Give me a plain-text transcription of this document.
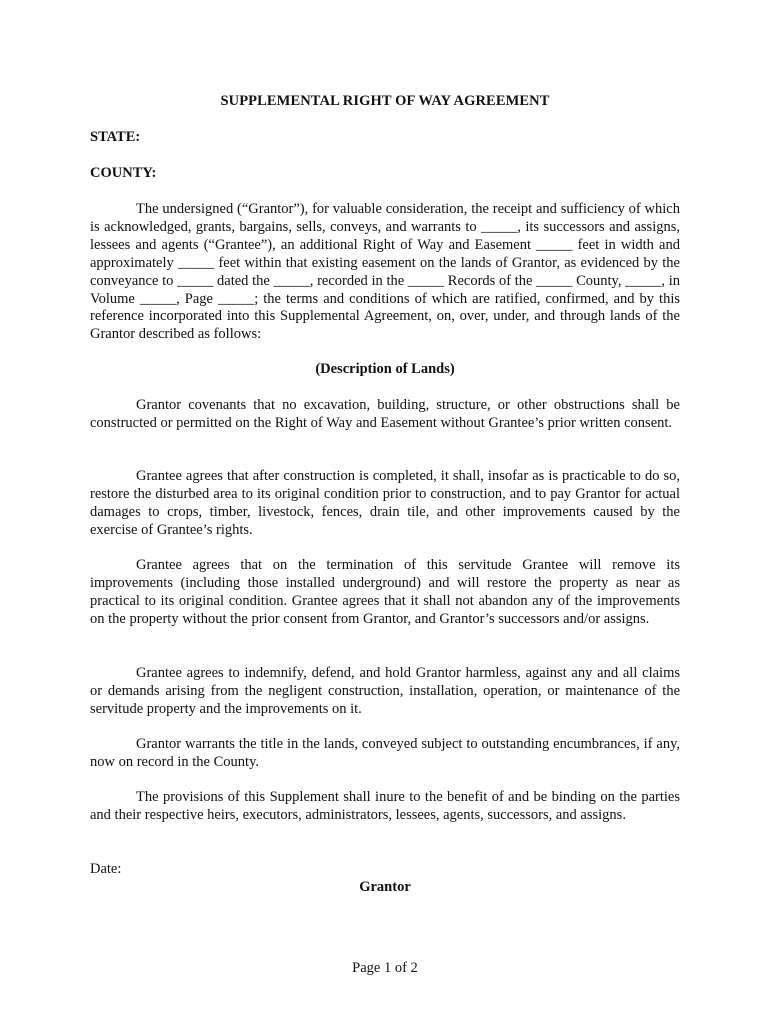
SUPPLEMENTAL RIGHT OF WAY AGREEMENT
STATE:
COUNTY:
The undersigned (“Grantor”), for valuable consideration, the receipt and sufficiency of which is acknowledged, grants, bargains, sells, conveys, and warrants to _____, its successors and assigns, lessees and agents (“Grantee”), an additional Right of Way and Easement _____ feet in width and approximately _____ feet within that existing easement on the lands of Grantor, as evidenced by the conveyance to _____ dated the _____, recorded in the _____ Records of the _____ County, _____, in Volume _____, Page _____; the terms and conditions of which are ratified, confirmed, and by this reference incorporated into this Supplemental Agreement, on, over, under, and through lands of the Grantor described as follows:
(Description of Lands)
Grantor covenants that no excavation, building, structure, or other obstructions shall be constructed or permitted on the Right of Way and Easement without Grantee’s prior written consent.
Grantee agrees that after construction is completed, it shall, insofar as is practicable to do so, restore the disturbed area to its original condition prior to construction, and to pay Grantor for actual damages to crops, timber, livestock, fences, drain tile, and other improvements caused by the exercise of Grantee’s rights.
Grantee agrees that on the termination of this servitude Grantee will remove its improvements (including those installed underground) and will restore the property as near as practical to its original condition. Grantee agrees that it shall not abandon any of the improvements on the property without the prior consent from Grantor, and Grantor’s successors and/or assigns.
Grantee agrees to indemnify, defend, and hold Grantor harmless, against any and all claims or demands arising from the negligent construction, installation, operation, or maintenance of the servitude property and the improvements on it.
Grantor warrants the title in the lands, conveyed subject to outstanding encumbrances, if any, now on record in the County.
The provisions of this Supplement shall inure to the benefit of and be binding on the parties and their respective heirs, executors, administrators, lessees, agents, successors, and assigns.
Date:
Grantor
Page 1 of 2
